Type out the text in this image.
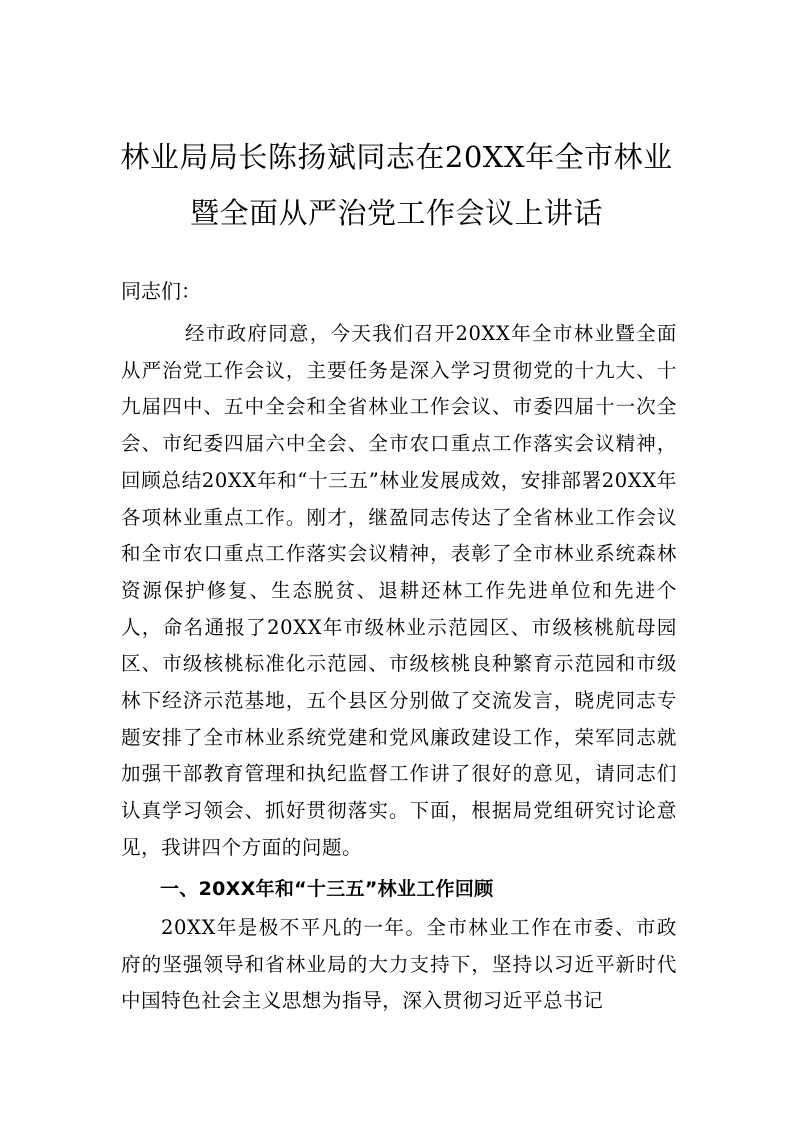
林业局局长陈扬斌同志在20XX年全市林业
暨全面从严治党工作会议上讲话
同志们：
经市政府同意，今天我们召开20XX年全市林业暨全面从严治党工作会议，主要任务是深入学习贯彻党的十九大、十九届四中、五中全会和全省林业工作会议、市委四届十一次全会、市纪委四届六中全会、全市农口重点工作落实会议精神，回顾总结20XX年和“十三五”林业发展成效，安排部署20XX年各项林业重点工作。刚才，继盈同志传达了全省林业工作会议和全市农口重点工作落实会议精神，表彰了全市林业系统森林资源保护修复、生态脱贫、退耕还林工作先进单位和先进个人，命名通报了20XX年市级林业示范园区、市级核桃航母园区、市级核桃标准化示范园、市级核桃良种繁育示范园和市级林下经济示范基地，五个县区分别做了交流发言，晓虎同志专题安排了全市林业系统党建和党风廉政建设工作，荣军同志就加强干部教育管理和执纪监督工作讲了很好的意见，请同志们认真学习领会、抓好贯彻落实。下面，根据局党组研究讨论意见，我讲四个方面的问题。
一、20XX年和“十三五”林业工作回顾
20XX年是极不平凡的一年。全市林业工作在市委、市政府的坚强领导和省林业局的大力支持下，坚持以习近平新时代中国特色社会主义思想为指导，深入贯彻习近平总书记
